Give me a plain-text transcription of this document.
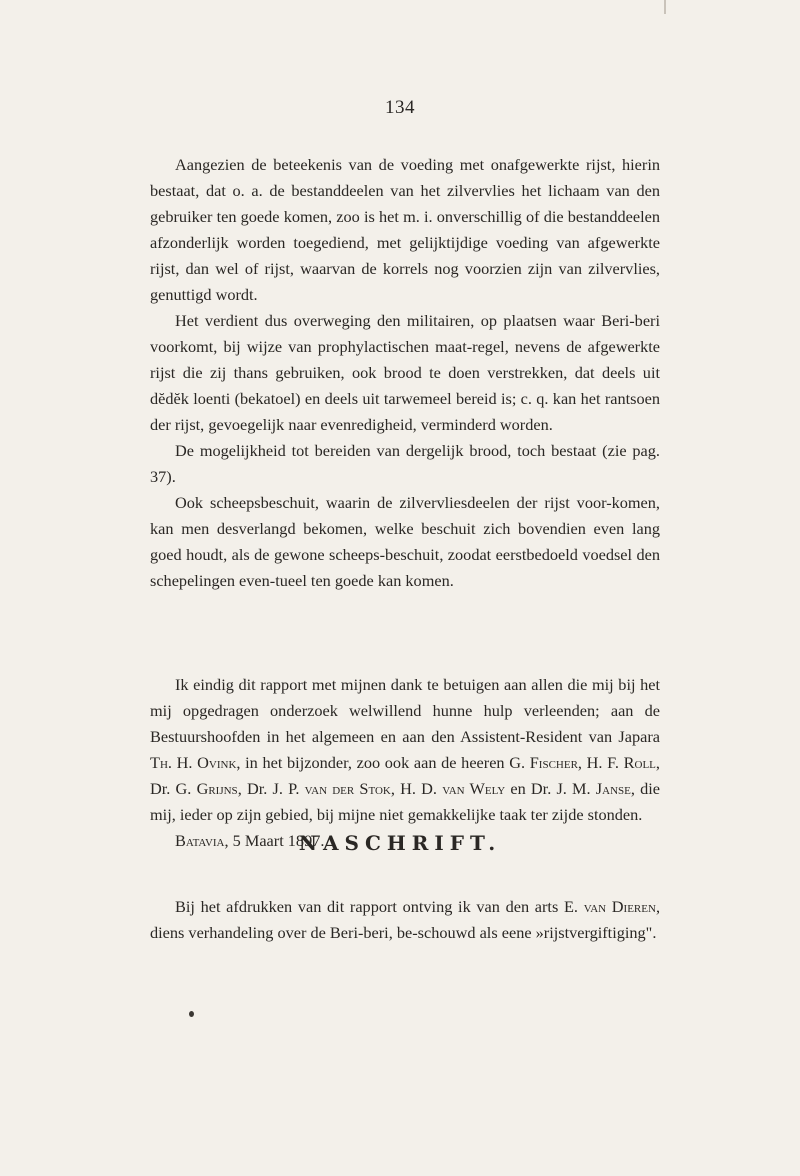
134

Aangezien de beteekenis van de voeding met onafgewerkte rijst, hierin bestaat, dat o. a. de bestanddeelen van het zilvervlies het lichaam van den gebruiker ten goede komen, zoo is het m. i. onverschillig of die bestanddeelen afzonderlijk worden toegediend, met gelijktijdige voeding van afgewerkte rijst, dan wel of rijst, waarvan de korrels nog voorzien zijn van zilvervlies, genuttigd wordt.

Het verdient dus overweging den militairen, op plaatsen waar Beri-beri voorkomt, bij wijze van prophylactischen maat-regel, nevens de afgewerkte rijst die zij thans gebruiken, ook brood te doen verstrekken, dat deels uit dĕdĕk loenti (bekatoel) en deels uit tarwemeel bereid is; c. q. kan het rantsoen der rijst, gevoegelijk naar evenredigheid, verminderd worden.

De mogelijkheid tot bereiden van dergelijk brood, toch bestaat (zie pag. 37).

Ook scheepsbeschuit, waarin de zilvervliesdeelen der rijst voor-komen, kan men desverlangd bekomen, welke beschuit zich bovendien even lang goed houdt, als de gewone scheeps-beschuit, zoodat eerstbedoeld voedsel den schepelingen even-tueel ten goede kan komen.

Ik eindig dit rapport met mijnen dank te betuigen aan allen die mij bij het mij opgedragen onderzoek welwillend hunne hulp verleenden; aan de Bestuurshoofden in het algemeen en aan den Assistent-Resident van Japara Th. H. Ovink, in het bijzonder, zoo ook aan de heeren G. Fischer, H. F. Roll, Dr. G. Grijns, Dr. J. P. van der Stok, H. D. van Wely en Dr. J. M. Janse, die mij, ieder op zijn gebied, bij mijne niet gemakkelijke taak ter zijde stonden.

Batavia, 5 Maart 1897.

NASCHRIFT.

Bij het afdrukken van dit rapport ontving ik van den arts E. van Dieren, diens verhandeling over de Beri-beri, be-schouwd als eene »rijstvergiftiging".
